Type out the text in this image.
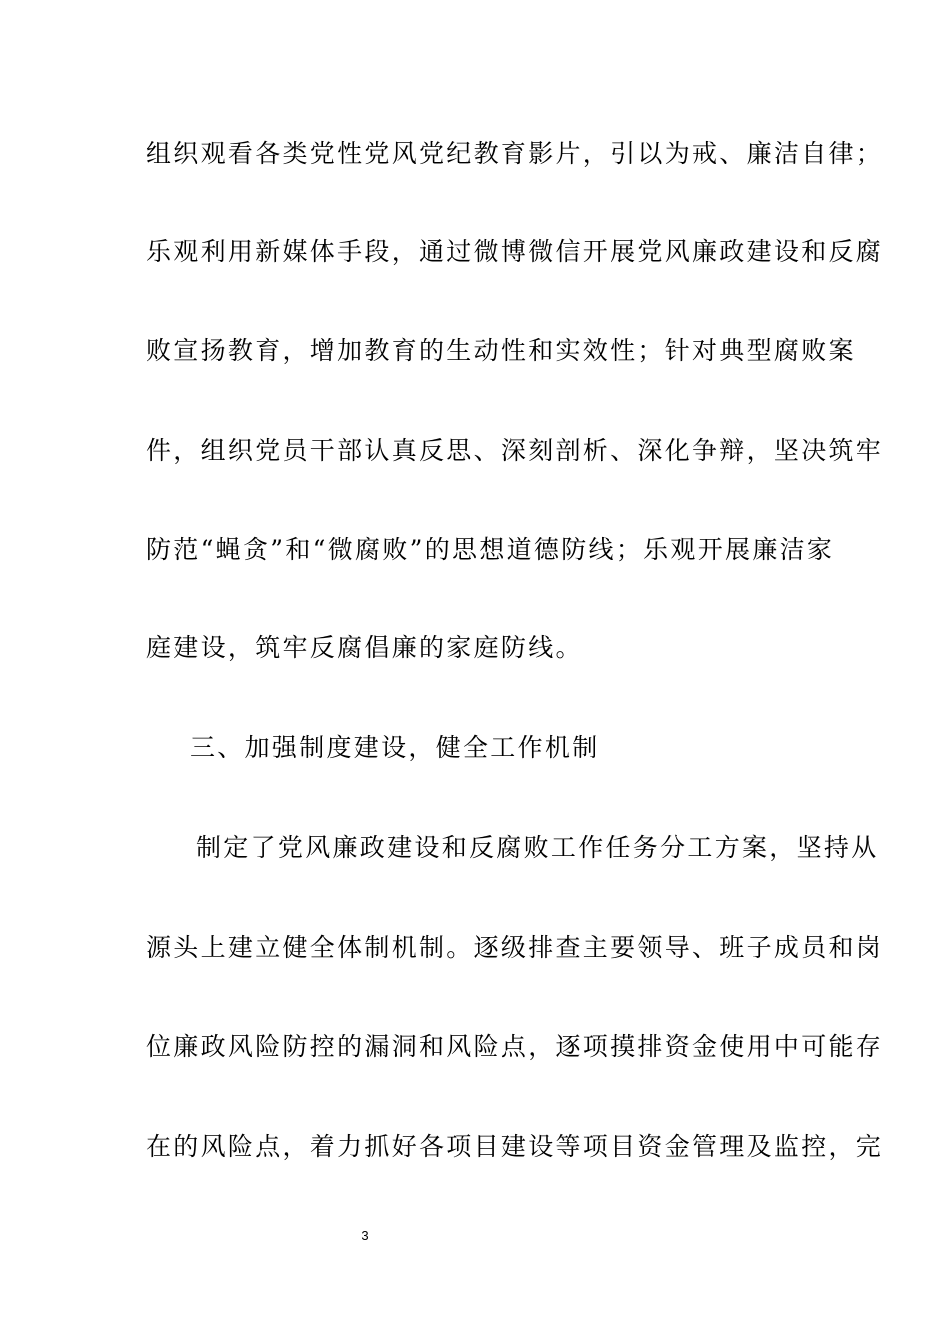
组织观看各类党性党风党纪教育影片，引以为戒、廉洁自律；
乐观利用新媒体手段，通过微博微信开展党风廉政建设和反腐
败宣扬教育，增加教育的生动性和实效性；针对典型腐败案
件，组织党员干部认真反思、深刻剖析、深化争辩，坚决筑牢
防范“蝇贪”和“微腐败”的思想道德防线；乐观开展廉洁家
庭建设，筑牢反腐倡廉的家庭防线。
三、加强制度建设，健全工作机制
制定了党风廉政建设和反腐败工作任务分工方案，坚持从
源头上建立健全体制机制。逐级排查主要领导、班子成员和岗
位廉政风险防控的漏洞和风险点，逐项摸排资金使用中可能存
在的风险点，着力抓好各项目建设等项目资金管理及监控，完
3
